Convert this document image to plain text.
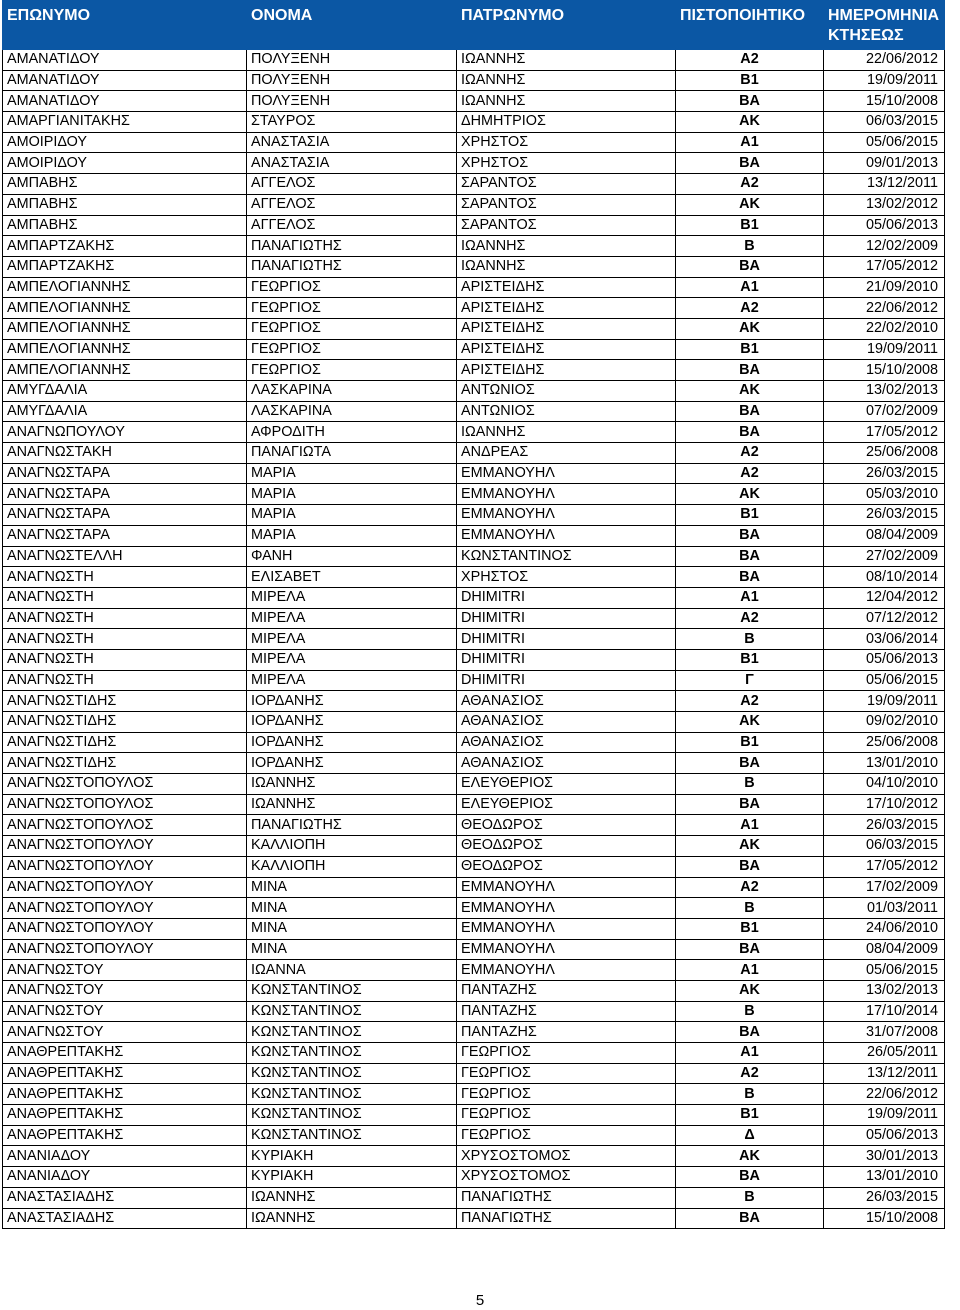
ΕΠΩΝΥΜΟ	ΟΝΟΜΑ	ΠΑΤΡΩΝΥΜΟ	ΠΙΣΤΟΠΟΙΗΤΙΚΟ	ΗΜΕΡΟΜΗΝΙΑ ΚΤΗΣΕΩΣ
ΑΜΑΝΑΤΙΔΟΥ	ΠΟΛΥΞΕΝΗ	ΙΩΑΝΝΗΣ	Α2	22/06/2012
ΑΜΑΝΑΤΙΔΟΥ	ΠΟΛΥΞΕΝΗ	ΙΩΑΝΝΗΣ	Β1	19/09/2011
ΑΜΑΝΑΤΙΔΟΥ	ΠΟΛΥΞΕΝΗ	ΙΩΑΝΝΗΣ	ΒΑ	15/10/2008
ΑΜΑΡΓΙΑΝΙΤΑΚΗΣ	ΣΤΑΥΡΟΣ	ΔΗΜΗΤΡΙΟΣ	ΑΚ	06/03/2015
ΑΜΟΙΡΙΔΟΥ	ΑΝΑΣΤΑΣΙΑ	ΧΡΗΣΤΟΣ	Α1	05/06/2015
ΑΜΟΙΡΙΔΟΥ	ΑΝΑΣΤΑΣΙΑ	ΧΡΗΣΤΟΣ	ΒΑ	09/01/2013
ΑΜΠΑΒΗΣ	ΑΓΓΕΛΟΣ	ΣΑΡΑΝΤΟΣ	Α2	13/12/2011
ΑΜΠΑΒΗΣ	ΑΓΓΕΛΟΣ	ΣΑΡΑΝΤΟΣ	ΑΚ	13/02/2012
ΑΜΠΑΒΗΣ	ΑΓΓΕΛΟΣ	ΣΑΡΑΝΤΟΣ	Β1	05/06/2013
ΑΜΠΑΡΤΖΑΚΗΣ	ΠΑΝΑΓΙΩΤΗΣ	ΙΩΑΝΝΗΣ	Β	12/02/2009
ΑΜΠΑΡΤΖΑΚΗΣ	ΠΑΝΑΓΙΩΤΗΣ	ΙΩΑΝΝΗΣ	ΒΑ	17/05/2012
ΑΜΠΕΛΟΓΙΑΝΝΗΣ	ΓΕΩΡΓΙΟΣ	ΑΡΙΣΤΕΙΔΗΣ	Α1	21/09/2010
ΑΜΠΕΛΟΓΙΑΝΝΗΣ	ΓΕΩΡΓΙΟΣ	ΑΡΙΣΤΕΙΔΗΣ	Α2	22/06/2012
ΑΜΠΕΛΟΓΙΑΝΝΗΣ	ΓΕΩΡΓΙΟΣ	ΑΡΙΣΤΕΙΔΗΣ	ΑΚ	22/02/2010
ΑΜΠΕΛΟΓΙΑΝΝΗΣ	ΓΕΩΡΓΙΟΣ	ΑΡΙΣΤΕΙΔΗΣ	Β1	19/09/2011
ΑΜΠΕΛΟΓΙΑΝΝΗΣ	ΓΕΩΡΓΙΟΣ	ΑΡΙΣΤΕΙΔΗΣ	ΒΑ	15/10/2008
ΑΜΥΓΔΑΛΙΑ	ΛΑΣΚΑΡΙΝΑ	ΑΝΤΩΝΙΟΣ	ΑΚ	13/02/2013
ΑΜΥΓΔΑΛΙΑ	ΛΑΣΚΑΡΙΝΑ	ΑΝΤΩΝΙΟΣ	ΒΑ	07/02/2009
ΑΝΑΓΝΩΠΟΥΛΟΥ	ΑΦΡΟΔΙΤΗ	ΙΩΑΝΝΗΣ	ΒΑ	17/05/2012
ΑΝΑΓΝΩΣΤΑΚΗ	ΠΑΝΑΓΙΩΤΑ	ΑΝΔΡΕΑΣ	Α2	25/06/2008
ΑΝΑΓΝΩΣΤΑΡΑ	ΜΑΡΙΑ	ΕΜΜΑΝΟΥΗΛ	Α2	26/03/2015
ΑΝΑΓΝΩΣΤΑΡΑ	ΜΑΡΙΑ	ΕΜΜΑΝΟΥΗΛ	ΑΚ	05/03/2010
ΑΝΑΓΝΩΣΤΑΡΑ	ΜΑΡΙΑ	ΕΜΜΑΝΟΥΗΛ	Β1	26/03/2015
ΑΝΑΓΝΩΣΤΑΡΑ	ΜΑΡΙΑ	ΕΜΜΑΝΟΥΗΛ	ΒΑ	08/04/2009
ΑΝΑΓΝΩΣΤΕΛΛΗ	ΦΑΝΗ	ΚΩΝΣΤΑΝΤΙΝΟΣ	ΒΑ	27/02/2009
ΑΝΑΓΝΩΣΤΗ	ΕΛΙΣΑΒΕΤ	ΧΡΗΣΤΟΣ	ΒΑ	08/10/2014
ΑΝΑΓΝΩΣΤΗ	ΜΙΡΕΛΑ	DHIMITRI	Α1	12/04/2012
ΑΝΑΓΝΩΣΤΗ	ΜΙΡΕΛΑ	DHIMITRI	Α2	07/12/2012
ΑΝΑΓΝΩΣΤΗ	ΜΙΡΕΛΑ	DHIMITRI	Β	03/06/2014
ΑΝΑΓΝΩΣΤΗ	ΜΙΡΕΛΑ	DHIMITRI	Β1	05/06/2013
ΑΝΑΓΝΩΣΤΗ	ΜΙΡΕΛΑ	DHIMITRI	Γ	05/06/2015
ΑΝΑΓΝΩΣΤΙΔΗΣ	ΙΟΡΔΑΝΗΣ	ΑΘΑΝΑΣΙΟΣ	Α2	19/09/2011
ΑΝΑΓΝΩΣΤΙΔΗΣ	ΙΟΡΔΑΝΗΣ	ΑΘΑΝΑΣΙΟΣ	ΑΚ	09/02/2010
ΑΝΑΓΝΩΣΤΙΔΗΣ	ΙΟΡΔΑΝΗΣ	ΑΘΑΝΑΣΙΟΣ	Β1	25/06/2008
ΑΝΑΓΝΩΣΤΙΔΗΣ	ΙΟΡΔΑΝΗΣ	ΑΘΑΝΑΣΙΟΣ	ΒΑ	13/01/2010
ΑΝΑΓΝΩΣΤΟΠΟΥΛΟΣ	ΙΩΑΝΝΗΣ	ΕΛΕΥΘΕΡΙΟΣ	Β	04/10/2010
ΑΝΑΓΝΩΣΤΟΠΟΥΛΟΣ	ΙΩΑΝΝΗΣ	ΕΛΕΥΘΕΡΙΟΣ	ΒΑ	17/10/2012
ΑΝΑΓΝΩΣΤΟΠΟΥΛΟΣ	ΠΑΝΑΓΙΩΤΗΣ	ΘΕΟΔΩΡΟΣ	Α1	26/03/2015
ΑΝΑΓΝΩΣΤΟΠΟΥΛΟΥ	ΚΑΛΛΙΟΠΗ	ΘΕΟΔΩΡΟΣ	ΑΚ	06/03/2015
ΑΝΑΓΝΩΣΤΟΠΟΥΛΟΥ	ΚΑΛΛΙΟΠΗ	ΘΕΟΔΩΡΟΣ	ΒΑ	17/05/2012
ΑΝΑΓΝΩΣΤΟΠΟΥΛΟΥ	ΜΙΝΑ	ΕΜΜΑΝΟΥΗΛ	Α2	17/02/2009
ΑΝΑΓΝΩΣΤΟΠΟΥΛΟΥ	ΜΙΝΑ	ΕΜΜΑΝΟΥΗΛ	Β	01/03/2011
ΑΝΑΓΝΩΣΤΟΠΟΥΛΟΥ	ΜΙΝΑ	ΕΜΜΑΝΟΥΗΛ	Β1	24/06/2010
ΑΝΑΓΝΩΣΤΟΠΟΥΛΟΥ	ΜΙΝΑ	ΕΜΜΑΝΟΥΗΛ	ΒΑ	08/04/2009
ΑΝΑΓΝΩΣΤΟΥ	ΙΩΑΝΝΑ	ΕΜΜΑΝΟΥΗΛ	Α1	05/06/2015
ΑΝΑΓΝΩΣΤΟΥ	ΚΩΝΣΤΑΝΤΙΝΟΣ	ΠΑΝΤΑΖΗΣ	ΑΚ	13/02/2013
ΑΝΑΓΝΩΣΤΟΥ	ΚΩΝΣΤΑΝΤΙΝΟΣ	ΠΑΝΤΑΖΗΣ	Β	17/10/2014
ΑΝΑΓΝΩΣΤΟΥ	ΚΩΝΣΤΑΝΤΙΝΟΣ	ΠΑΝΤΑΖΗΣ	ΒΑ	31/07/2008
ΑΝΑΘΡΕΠΤΑΚΗΣ	ΚΩΝΣΤΑΝΤΙΝΟΣ	ΓΕΩΡΓΙΟΣ	Α1	26/05/2011
ΑΝΑΘΡΕΠΤΑΚΗΣ	ΚΩΝΣΤΑΝΤΙΝΟΣ	ΓΕΩΡΓΙΟΣ	Α2	13/12/2011
ΑΝΑΘΡΕΠΤΑΚΗΣ	ΚΩΝΣΤΑΝΤΙΝΟΣ	ΓΕΩΡΓΙΟΣ	Β	22/06/2012
ΑΝΑΘΡΕΠΤΑΚΗΣ	ΚΩΝΣΤΑΝΤΙΝΟΣ	ΓΕΩΡΓΙΟΣ	Β1	19/09/2011
ΑΝΑΘΡΕΠΤΑΚΗΣ	ΚΩΝΣΤΑΝΤΙΝΟΣ	ΓΕΩΡΓΙΟΣ	Δ	05/06/2013
ΑΝΑΝΙΑΔΟΥ	ΚΥΡΙΑΚΗ	ΧΡΥΣΟΣΤΟΜΟΣ	ΑΚ	30/01/2013
ΑΝΑΝΙΑΔΟΥ	ΚΥΡΙΑΚΗ	ΧΡΥΣΟΣΤΟΜΟΣ	ΒΑ	13/01/2010
ΑΝΑΣΤΑΣΙΑΔΗΣ	ΙΩΑΝΝΗΣ	ΠΑΝΑΓΙΩΤΗΣ	Β	26/03/2015
ΑΝΑΣΤΑΣΙΑΔΗΣ	ΙΩΑΝΝΗΣ	ΠΑΝΑΓΙΩΤΗΣ	ΒΑ	15/10/2008
5
